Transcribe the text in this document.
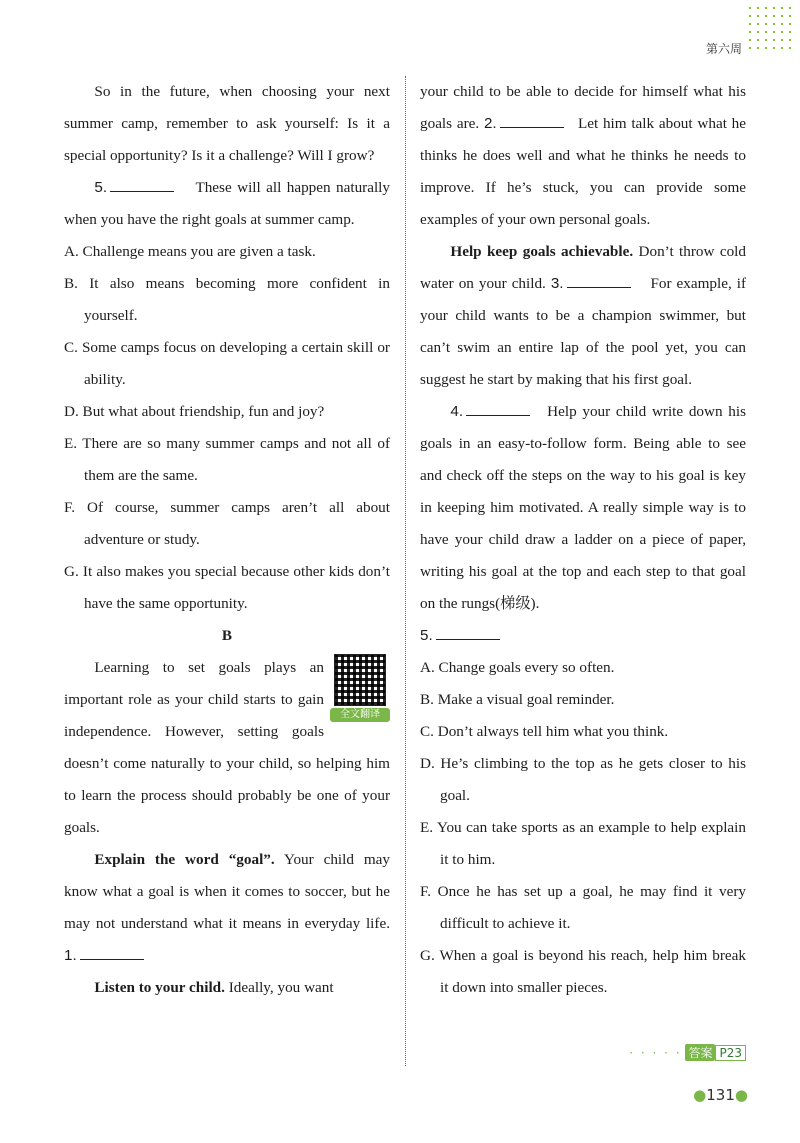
第六周

So in the future, when choosing your next summer camp, remember to ask yourself: Is it a special opportunity? Is it a challenge? Will I grow?

5.	These will all happen naturally when you have the right goals at summer camp.

A. Challenge means you are given a task.

B. It also means becoming more confident in yourself.

C. Some camps focus on developing a certain skill or ability.

D. But what about friendship, fun and joy?

E. There are so many summer camps and not all of them are the same.

F. Of course, summer camps aren’t all about adventure or study.

G. It also makes you special because other kids don’t have the same opportunity.

B

全文翻译

Learning to set goals plays an important role as your child starts to gain independence. However, setting goals doesn’t come naturally to your child, so helping him to learn the process should probably be one of your goals.

Explain the word “goal”. Your child may know what a goal is when it comes to soccer, but he may not understand what it means in everyday life. 1.

Listen to your child. Ideally, you want

your child to be able to decide for himself what his goals are. 2.	Let him talk about what he thinks he does well and what he thinks he needs to improve. If he’s stuck, you can provide some examples of your own personal goals.

Help keep goals achievable. Don’t throw cold water on your child. 3.	For example, if your child wants to be a champion swimmer, but can’t swim an entire lap of the pool yet, you can suggest he start by making that his first goal.

4.	Help your child write down his goals in an easy-to-follow form. Being able to see and check off the steps on the way to his goal is key in keeping him motivated. A really simple way is to have your child draw a ladder on a piece of paper, writing his goal at the top and each step to that goal on the rungs(梯级).

5.

A. Change goals every so often.

B. Make a visual goal reminder.

C. Don’t always tell him what you think.

D. He’s climbing to the top as he gets closer to his goal.

E. You can take sports as an example to help explain it to him.

F. Once he has set up a goal, he may find it very difficult to achieve it.

G. When a goal is beyond his reach, help him break it down into smaller pieces.

· · · · · 答案 P23
●131●
